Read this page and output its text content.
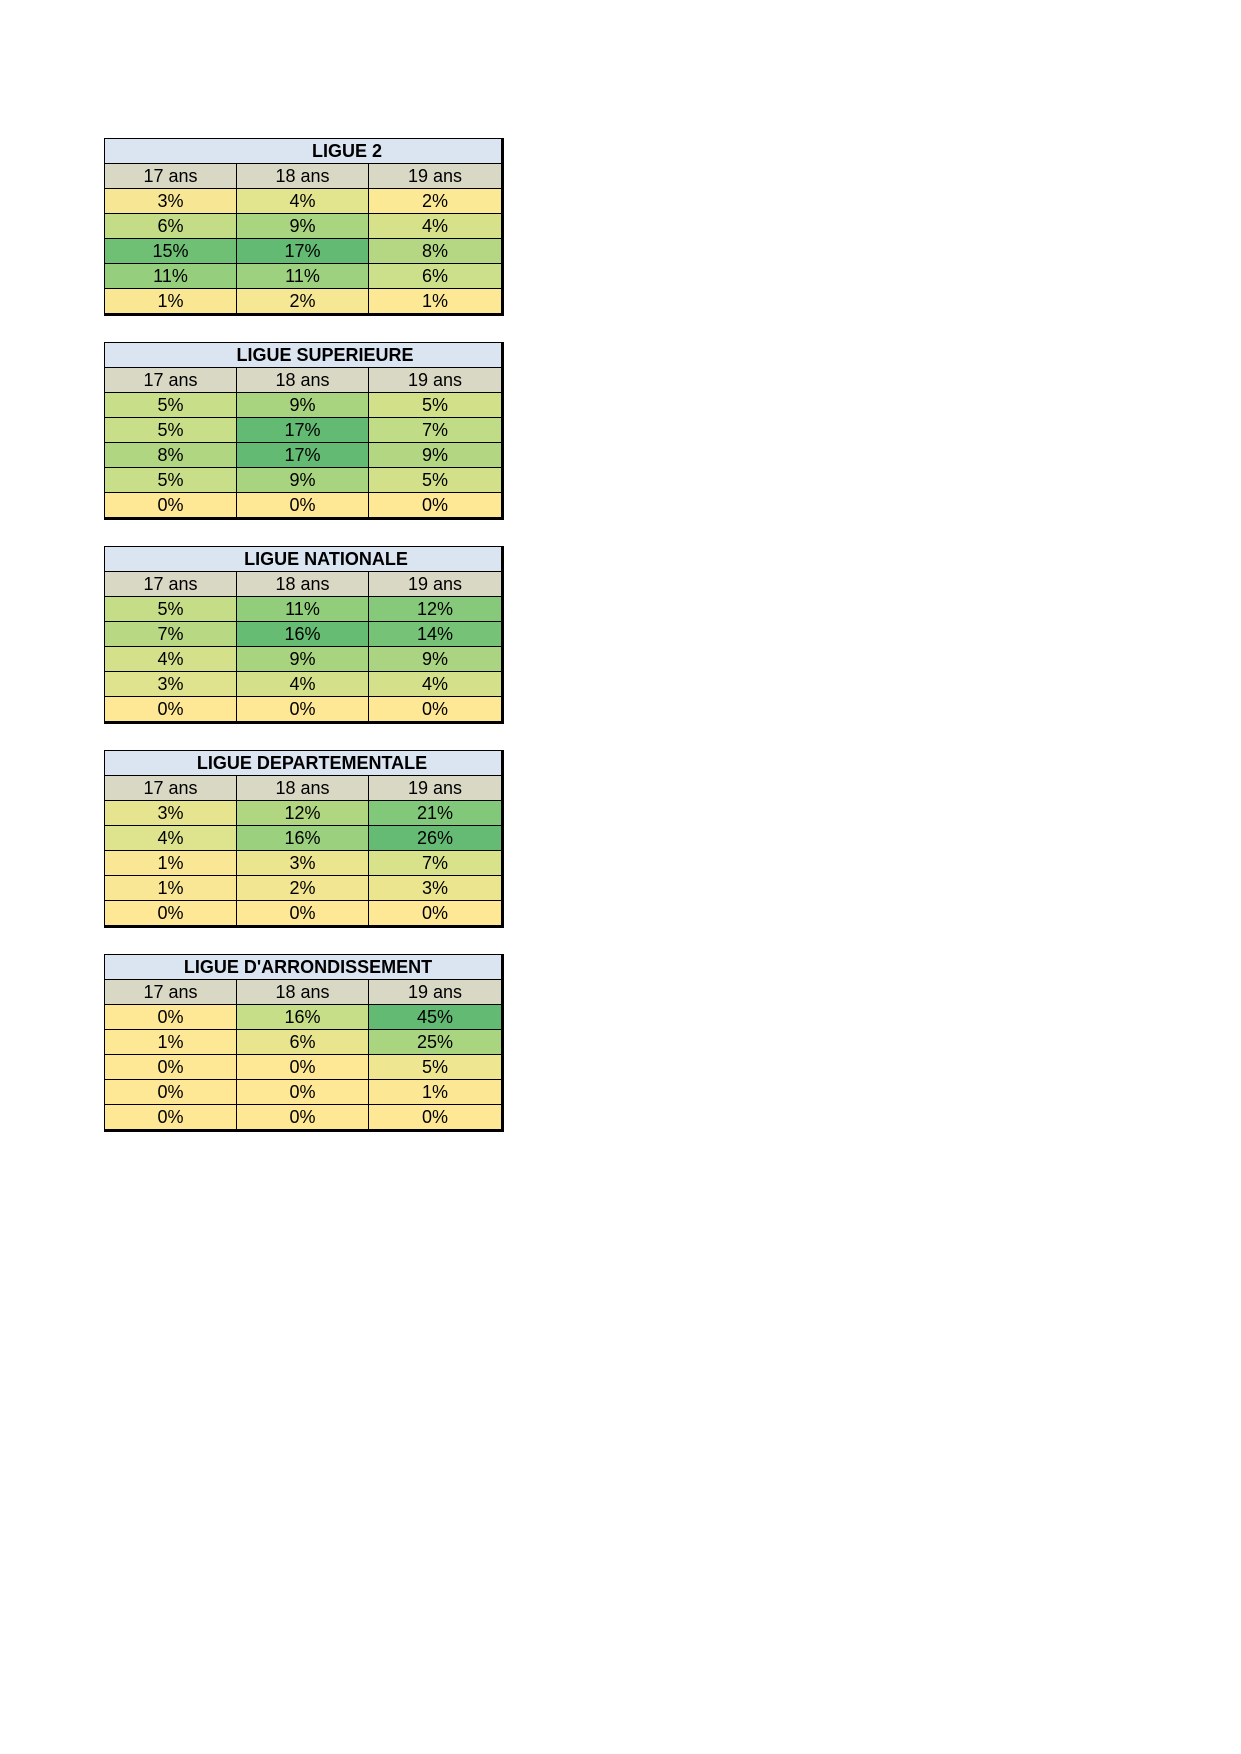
LIGUE 2		
17 ans	18 ans	19 ans
3%	4%	2%
6%	9%	4%
15%	17%	8%
11%	11%	6%
1%	2%	1%
LIGUE SUPERIEURE		
17 ans	18 ans	19 ans
5%	9%	5%
5%	17%	7%
8%	17%	9%
5%	9%	5%
0%	0%	0%
LIGUE NATIONALE		
17 ans	18 ans	19 ans
5%	11%	12%
7%	16%	14%
4%	9%	9%
3%	4%	4%
0%	0%	0%
LIGUE DEPARTEMENTALE		
17 ans	18 ans	19 ans
3%	12%	21%
4%	16%	26%
1%	3%	7%
1%	2%	3%
0%	0%	0%
LIGUE D'ARRONDISSEMENT		
17 ans	18 ans	19 ans
0%	16%	45%
1%	6%	25%
0%	0%	5%
0%	0%	1%
0%	0%	0%
